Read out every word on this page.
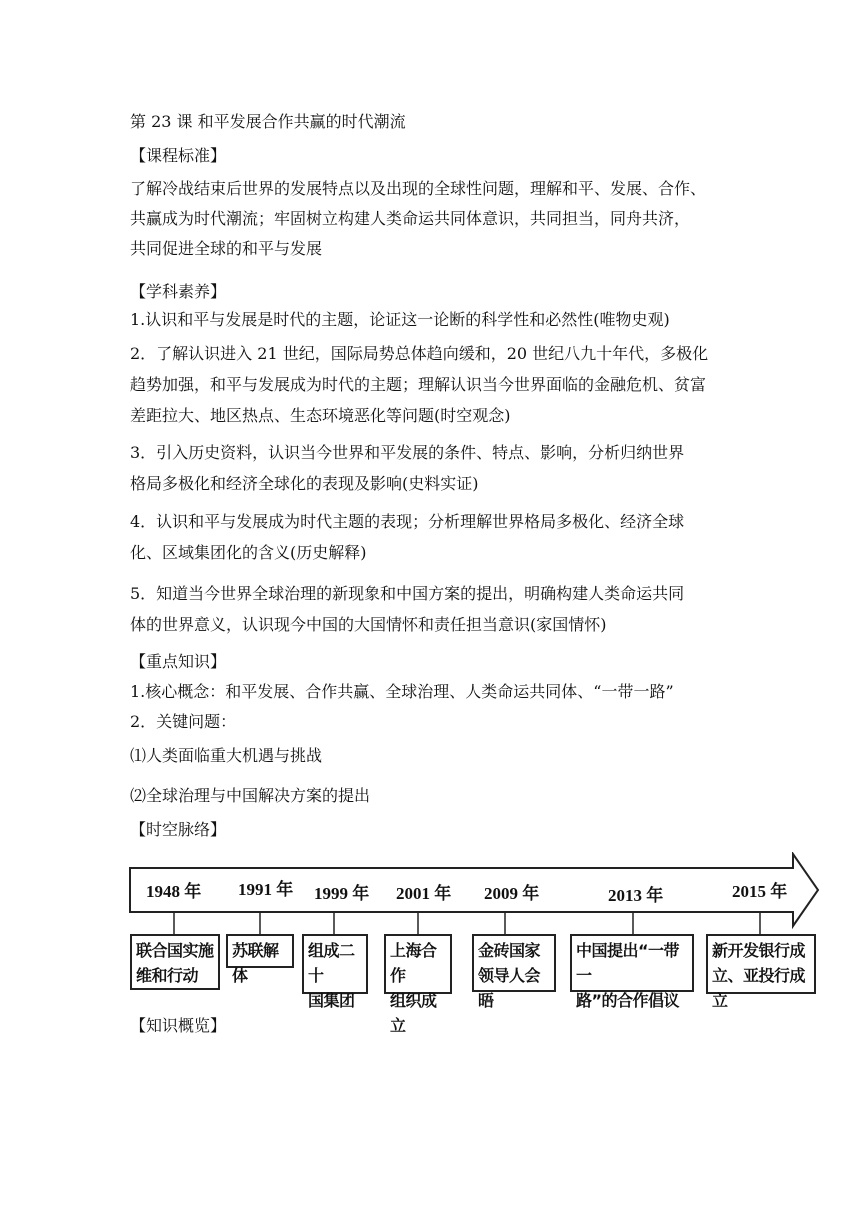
第 23 课 和平发展合作共赢的时代潮流
【课程标准】
了解冷战结束后世界的发展特点以及出现的全球性问题，理解和平、发展、合作、
共赢成为时代潮流；牢固树立构建人类命运共同体意识，共同担当，同舟共济，
共同促进全球的和平与发展
【学科素养】
1.认识和平与发展是时代的主题，论证这一论断的科学性和必然性(唯物史观)
2．了解认识进入 21 世纪，国际局势总体趋向缓和，20 世纪八九十年代，多极化
趋势加强，和平与发展成为时代的主题；理解认识当今世界面临的金融危机、贫富
差距拉大、地区热点、生态环境恶化等问题(时空观念)
3．引入历史资料，认识当今世界和平发展的条件、特点、影响，分析归纳世界
格局多极化和经济全球化的表现及影响(史料实证)
4．认识和平与发展成为时代主题的表现；分析理解世界格局多极化、经济全球
化、区域集团化的含义(历史解释)
5．知道当今世界全球治理的新现象和中国方案的提出，明确构建人类命运共同
体的世界意义，认识现今中国的大国情怀和责任担当意识(家国情怀)
【重点知识】
1.核心概念：和平发展、合作共赢、全球治理、人类命运共同体、“一带一路”
2．关键问题：
⑴人类面临重大机遇与挑战
⑵全球治理与中国解决方案的提出
【时空脉络】
1948 年 1991 年 1999 年 2001 年 2009 年	2013 年	2015 年
联合国实施
维和行动
苏联解体
组成二十
国集团
上海合作
组织成立
金砖国家
领导人会晤
中国提出“一带一
路”的合作倡议
新开发银行成
立、亚投行成立
【知识概览】
